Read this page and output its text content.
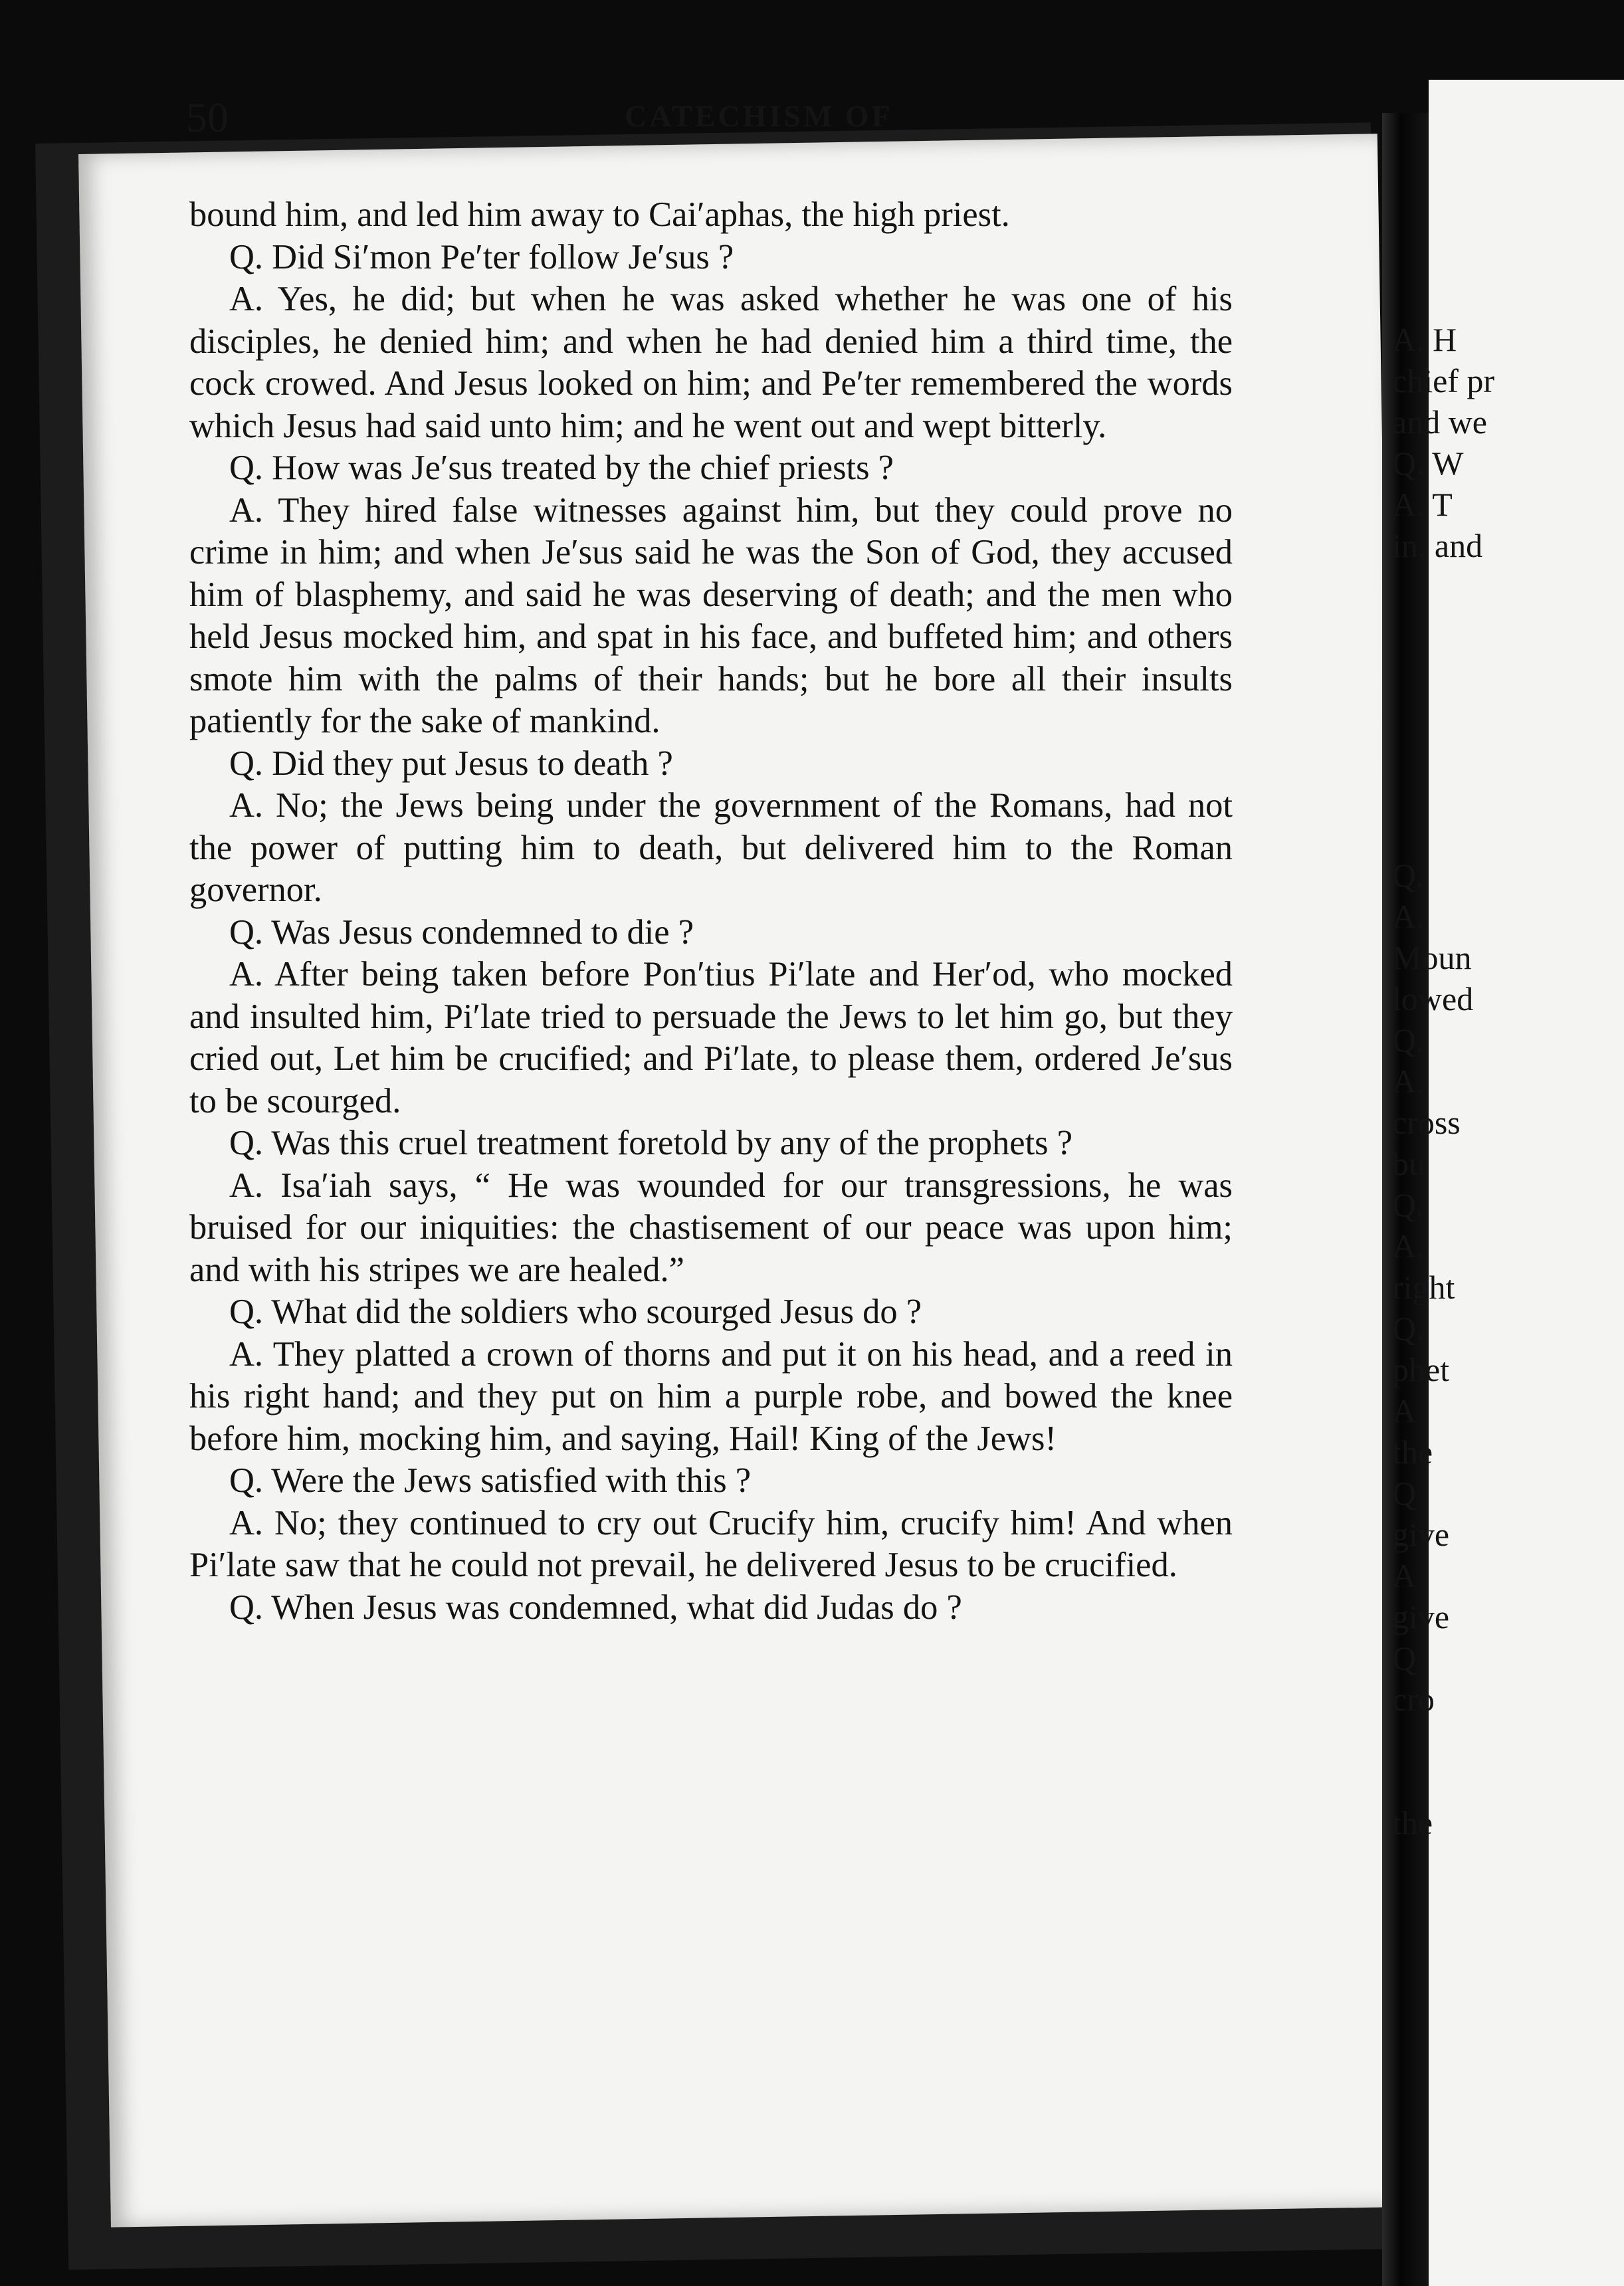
50	CATECHISM OF

bound him, and led him away to Cai′aphas, the high priest.

Q. Did Si′mon Pe′ter follow Je′sus ?

A. Yes, he did; but when he was asked whether he was one of his disciples, he denied him; and when he had denied him a third time, the cock crowed. And Jesus looked on him; and Pe′ter remembered the words which Jesus had said unto him; and he went out and wept bitterly.

Q. How was Je′sus treated by the chief priests ?

A. They hired false witnesses against him, but they could prove no crime in him; and when Je′sus said he was the Son of God, they accused him of blasphemy, and said he was deserving of death; and the men who held Jesus mocked him, and spat in his face, and buffeted him; and others smote him with the palms of their hands; but he bore all their insults patiently for the sake of mankind.

Q. Did they put Jesus to death ?

A. No; the Jews being under the government of the Romans, had not the power of putting him to death, but delivered him to the Roman governor.

Q. Was Jesus condemned to die ?

A. After being taken before Pon′tius Pi′late and Her′od, who mocked and insulted him, Pi′late tried to persuade the Jews to let him go, but they cried out, Let him be crucified; and Pi′late, to please them, ordered Je′sus to be scourged.

Q. Was this cruel treatment foretold by any of the prophets ?

A. Isa′iah says, “ He was wounded for our transgressions, he was bruised for our iniquities: the chastisement of our peace was upon him; and with his stripes we are healed.”

Q. What did the soldiers who scourged Jesus do ?

A. They platted a crown of thorns and put it on his head, and a reed in his right hand; and they put on him a purple robe, and bowed the knee before him, mocking him, and saying, Hail! King of the Jews!

Q. Were the Jews satisfied with this ?

A. No; they continued to cry out Crucify him, crucify him! And when Pi′late saw that he could not prevail, he delivered Jesus to be crucified.

Q. When Jesus was condemned, what did Judas do ?

A. H
chief pr
and we
Q. W
A. T
in, and
Q.
A.
Moun
lowed
Q.
A.
cross
bu
Q.
A.
right
Q.
phet
A
the
Q
give
A
give
Q
cro
the
